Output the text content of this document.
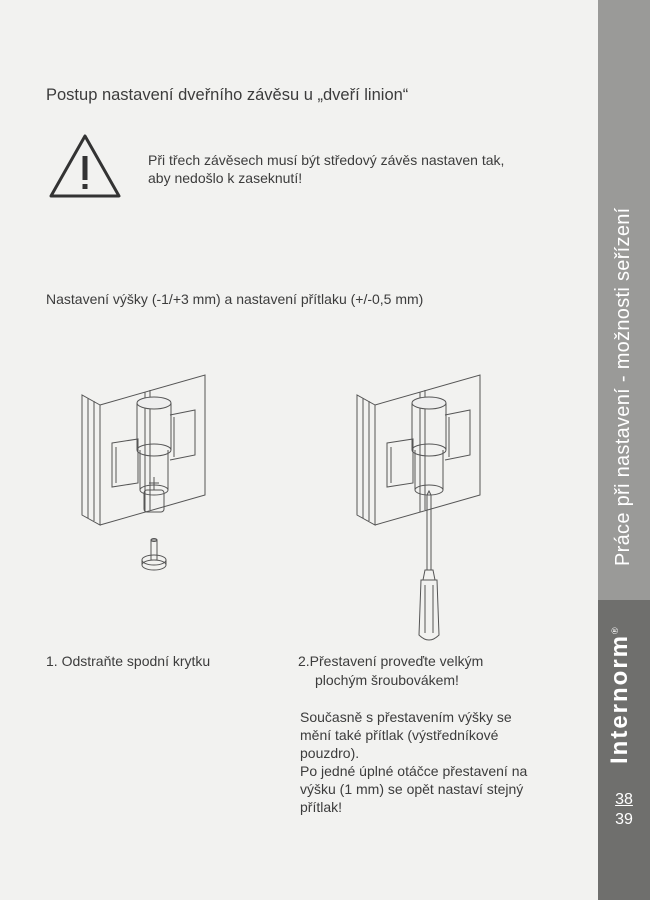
Postup nastavení dveřního závěsu u „dveří linion“
Při třech závěsech musí být středový závěs nastaven tak,
aby nedošlo k zaseknutí!
Nastavení výšky (-1/+3 mm) a nastavení přítlaku (+/-0,5 mm)
1. Odstraňte spodní krytku	2.Přestavení proveďte velkým
plochým šroubovákem!
Současně s přestavením výšky se
mění také přítlak (výstředníkové
pouzdro).
Po jedné úplné otáčce přestavení na
výšku (1 mm) se opět nastaví stejný
přítlak!
Práce při nastavení - možnosti seřízení
Internorm®
38
39
